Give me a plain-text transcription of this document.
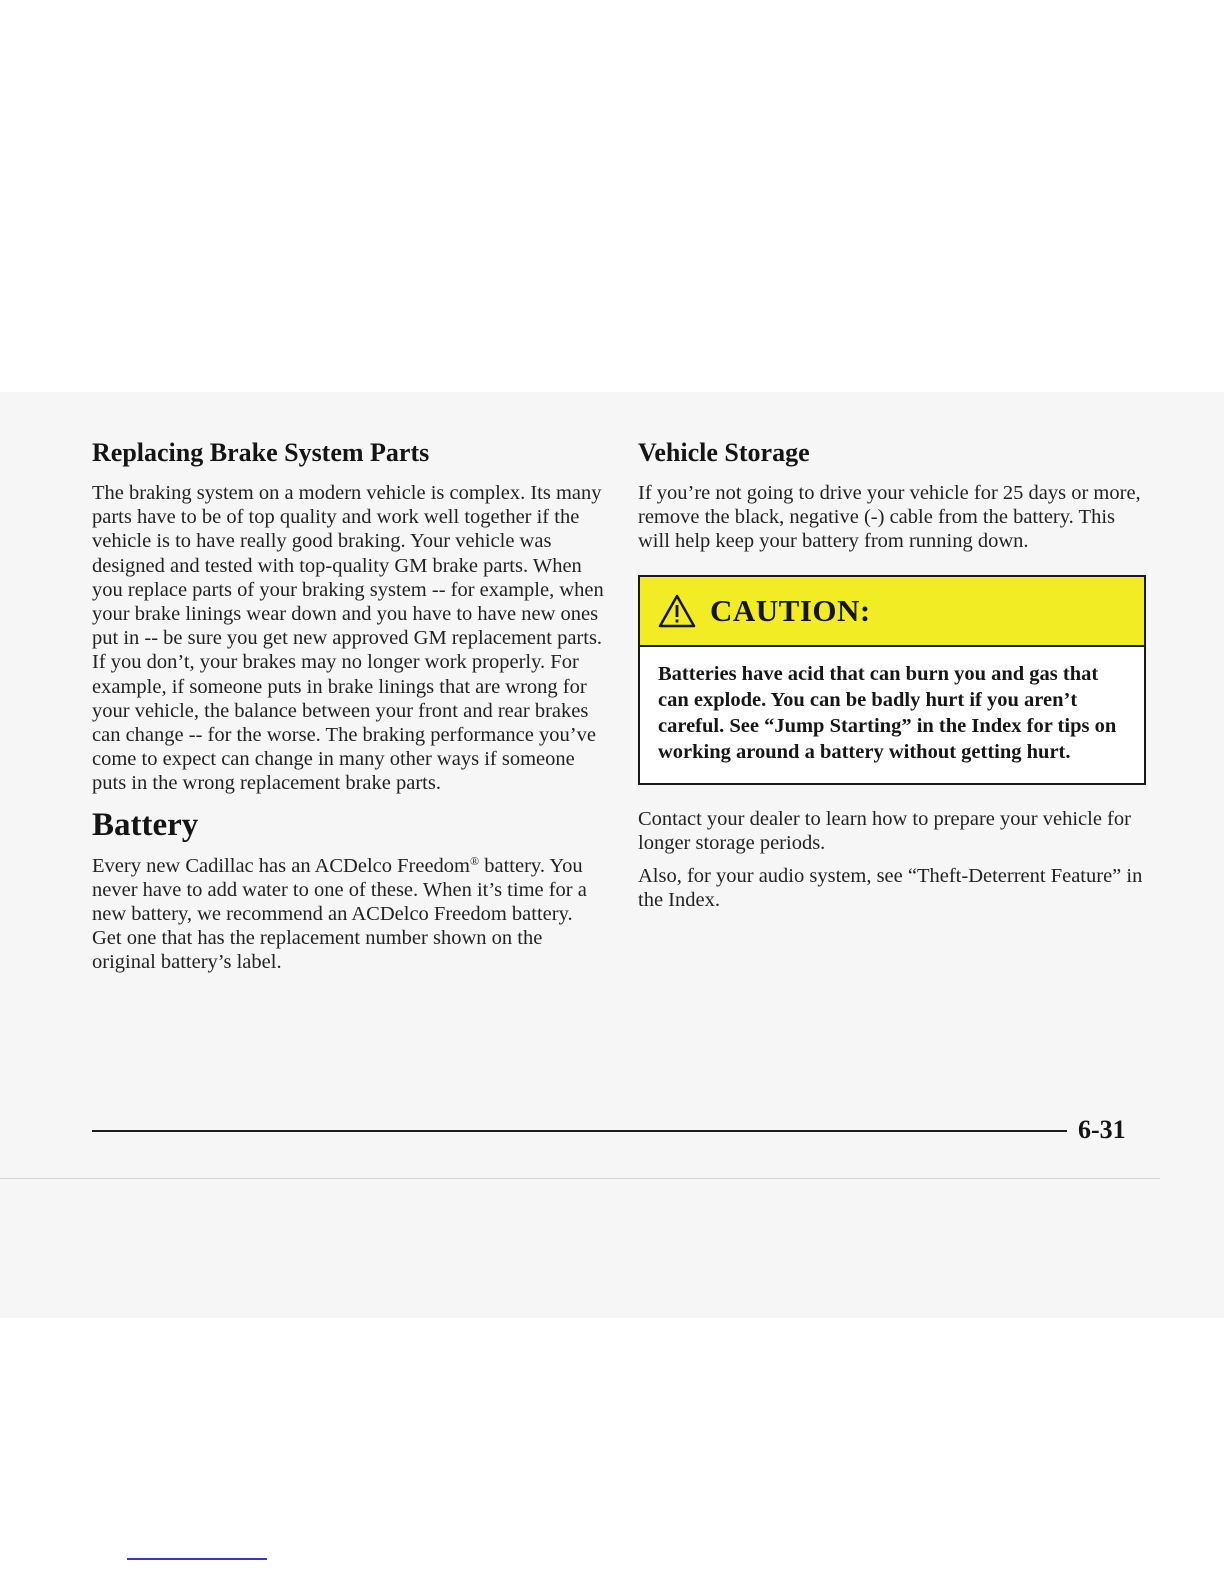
Replacing Brake System Parts

The braking system on a modern vehicle is complex. Its many parts have to be of top quality and work well together if the vehicle is to have really good braking. Your vehicle was designed and tested with top-quality GM brake parts. When you replace parts of your braking system -- for example, when your brake linings wear down and you have to have new ones put in -- be sure you get new approved GM replacement parts. If you don’t, your brakes may no longer work properly. For example, if someone puts in brake linings that are wrong for your vehicle, the balance between your front and rear brakes can change -- for the worse. The braking performance you’ve come to expect can change in many other ways if someone puts in the wrong replacement brake parts.

Battery

Every new Cadillac has an ACDelco Freedom® battery. You never have to add water to one of these. When it’s time for a new battery, we recommend an ACDelco Freedom battery. Get one that has the replacement number shown on the original battery’s label.

Vehicle Storage

If you’re not going to drive your vehicle for 25 days or more, remove the black, negative (-) cable from the battery. This will help keep your battery from running down.

CAUTION:
Batteries have acid that can burn you and gas that can explode. You can be badly hurt if you aren’t careful. See “Jump Starting” in the Index for tips on working around a battery without getting hurt.

Contact your dealer to learn how to prepare your vehicle for longer storage periods.

Also, for your audio system, see “Theft-Deterrent Feature” in the Index.

6-31
